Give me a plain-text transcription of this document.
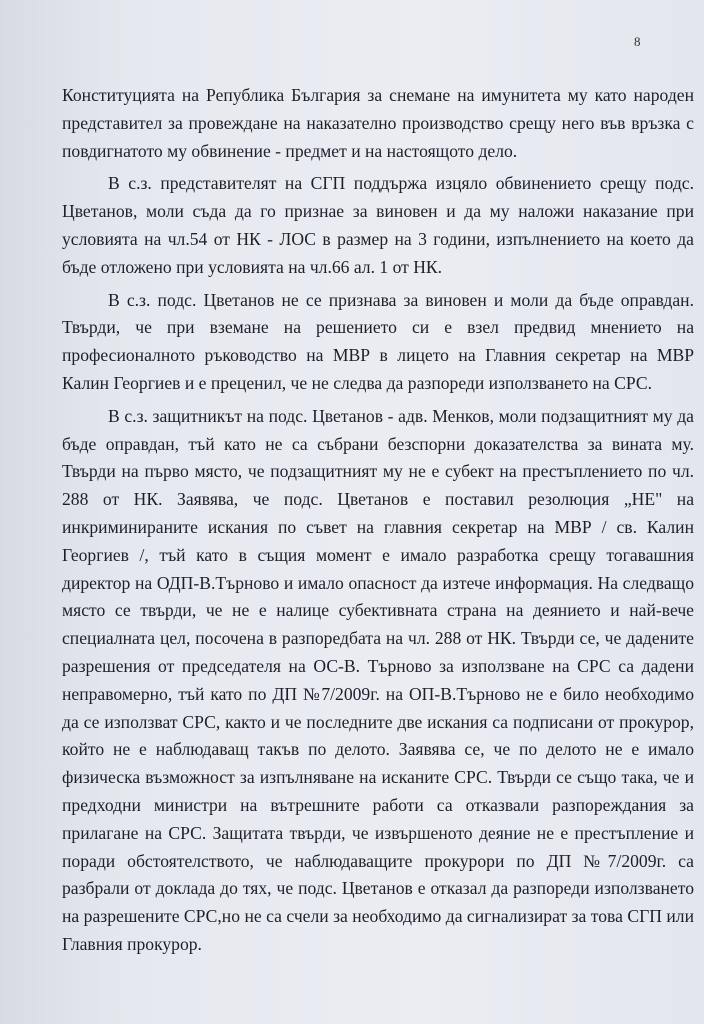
8
Конституцията на Република България за снемане на имунитета му като народен
представител за провеждане на наказателно производство срещу него във връзка с
повдигнатото му обвинение - предмет и на настоящото дело.
В с.з. представителят на СГП поддържа изцяло обвинението срещу подс.
Цветанов, моли съда да го признае за виновен и да му наложи наказание при
условията на чл.54 от НК - ЛОС в размер на 3 години, изпълнението на което да
бъде отложено при условията на чл.66 ал. 1 от НК.
В с.з. подс. Цветанов не се признава за виновен и моли да бъде оправдан.
Твърди, че при вземане на решението си е взел предвид мнението на
професионалното ръководство на МВР в лицето на Главния секретар на МВР
Калин Георгиев и е преценил, че не следва да разпореди използването на СРС.
В с.з. защитникът на подс. Цветанов - адв. Менков, моли подзащитният му да
бъде оправдан, тъй като не са събрани безспорни доказателства за вината му.
Твърди на първо място, че подзащитният му не е субект на престъплението по чл.
288 от НК. Заявява, че подс. Цветанов е поставил резолюция „НЕ" на
инкриминираните искания по съвет на главния секретар на МВР / св. Калин
Георгиев /, тъй като в същия момент е имало разработка срещу тогавашния
директор на ОДП-В.Търново и имало опасност да изтече информация. На следващо
място се твърди, че не е налице субективната страна на деянието и най-вече
специалната цел, посочена в разпоредбата на чл. 288 от НК. Твърди се, че дадените
разрешения от председателя на ОС-В. Търново за използване на СРС са дадени
неправомерно, тъй като по ДП №7/2009г. на ОП-В.Търново не е било необходимо
да се използват СРС, както и че последните две искания са подписани от прокурор,
който не е наблюдаващ такъв по делото. Заявява се, че по делото не е имало
физическа възможност за изпълняване на исканите СРС. Твърди се също така, че и
предходни министри на вътрешните работи са отказвали разпореждания за
прилагане на СРС. Защитата твърди, че извършеното деяние не е престъпление и
поради обстоятелството, че наблюдаващите прокурори по ДП №7/2009г. са
разбрали от доклада до тях, че подс. Цветанов е отказал да разпореди използването
на разрешените СРС,но не са счели за необходимо да сигнализират за това СГП или
Главния прокурор.
